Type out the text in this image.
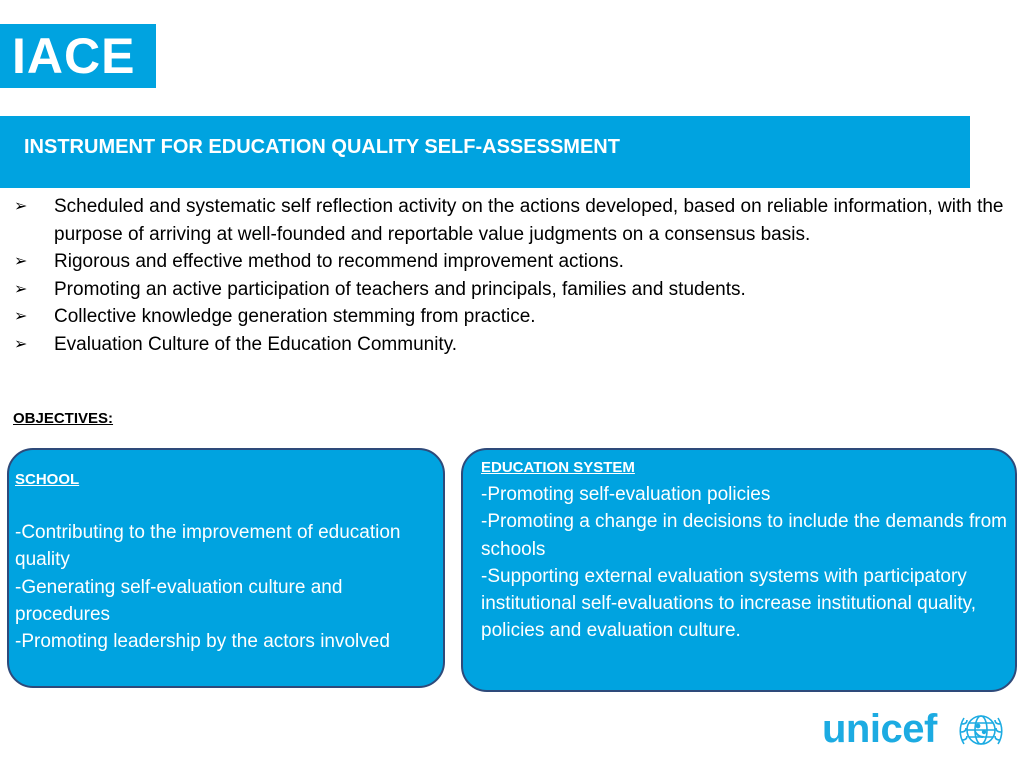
IACE
INSTRUMENT FOR EDUCATION QUALITY SELF-ASSESSMENT
➢ Scheduled and systematic self reflection activity on the actions developed, based on reliable information, with the purpose of arriving at well-founded and reportable value judgments on a consensus basis.
➢ Rigorous and effective method to recommend improvement actions.
➢ Promoting an active participation of teachers and principals, families and students.
➢ Collective knowledge generation stemming from practice.
➢ Evaluation Culture of the Education Community.
OBJECTIVES:
SCHOOL
-Contributing to the improvement of education quality
-Generating self-evaluation culture and procedures
-Promoting leadership by the actors involved
EDUCATION SYSTEM
-Promoting self-evaluation policies
-Promoting a change in decisions to include the demands from schools
-Supporting external evaluation systems with participatory institutional self-evaluations to increase institutional quality, policies and evaluation culture.
unicef
